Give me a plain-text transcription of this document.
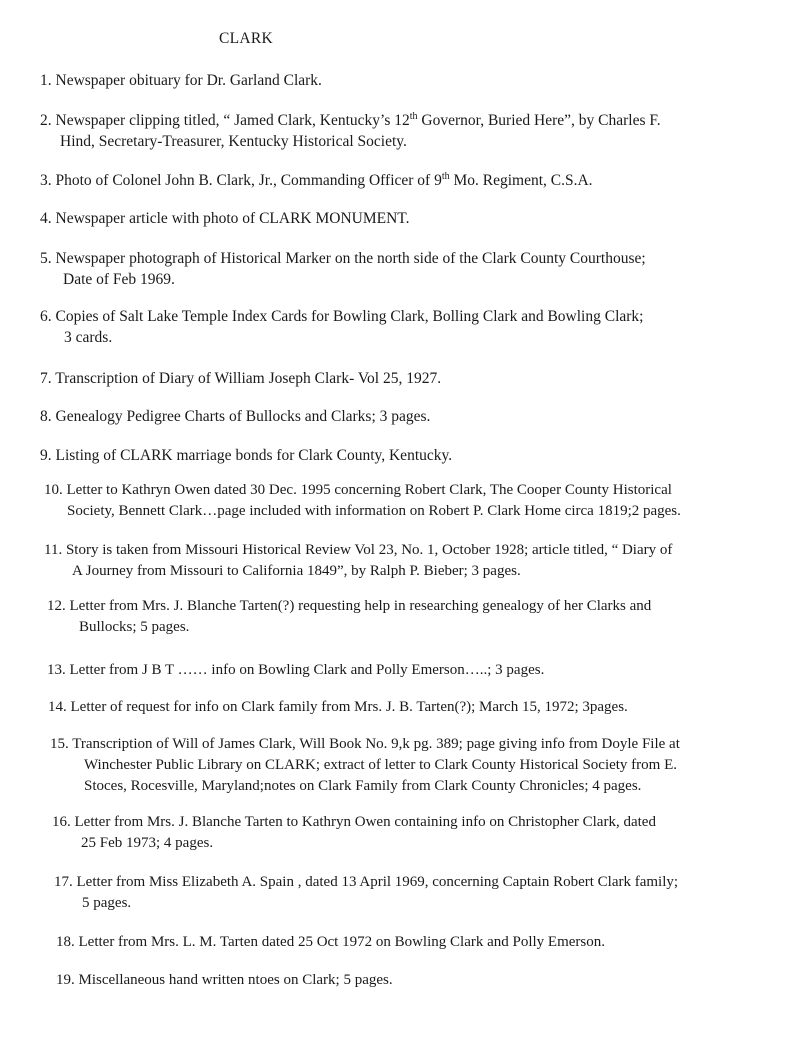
CLARK
1. Newspaper obituary for Dr. Garland Clark.
2. Newspaper clipping titled, “ Jamed Clark, Kentucky’s 12th Governor, Buried Here”, by Charles F.
Hind, Secretary-Treasurer, Kentucky Historical Society.
3. Photo of Colonel John B. Clark, Jr., Commanding Officer of 9th Mo. Regiment, C.S.A.
4. Newspaper article with photo of CLARK MONUMENT.
5. Newspaper photograph of Historical Marker on the north side of the Clark County Courthouse;
Date of Feb 1969.
6. Copies of Salt Lake Temple Index Cards for Bowling Clark, Bolling Clark and Bowling Clark;
3 cards.
7. Transcription of Diary of William Joseph Clark- Vol 25, 1927.
8. Genealogy Pedigree Charts of Bullocks and Clarks; 3 pages.
9. Listing of CLARK marriage bonds for Clark County, Kentucky.
10. Letter to Kathryn Owen dated 30 Dec. 1995 concerning Robert Clark, The Cooper County Historical
Society, Bennett Clark…page included with information on Robert P. Clark Home circa 1819;2 pages.
11. Story is taken from Missouri Historical Review Vol 23, No. 1, October 1928; article titled, “ Diary of
A Journey from Missouri to California 1849”, by Ralph P. Bieber; 3 pages.
12. Letter from Mrs. J. Blanche Tarten(?) requesting help in researching genealogy of her Clarks and
Bullocks; 5 pages.
13. Letter from J B T …… info on Bowling Clark and Polly Emerson…..; 3 pages.
14. Letter of request for info on Clark family from Mrs. J. B. Tarten(?); March 15, 1972; 3pages.
15. Transcription of Will of James Clark, Will Book No. 9,k pg. 389; page giving info from Doyle File at
Winchester Public Library on CLARK; extract of letter to Clark County Historical Society from E.
Stoces, Rocesville, Maryland;notes on Clark Family from Clark County Chronicles; 4 pages.
16. Letter from Mrs. J. Blanche Tarten to Kathryn Owen containing info on Christopher Clark, dated
25 Feb 1973; 4 pages.
17. Letter from Miss Elizabeth A. Spain , dated 13 April 1969, concerning Captain Robert Clark family;
5 pages.
18. Letter from Mrs. L. M. Tarten dated 25 Oct 1972 on Bowling Clark and Polly Emerson.
19. Miscellaneous hand written ntoes on Clark; 5 pages.
